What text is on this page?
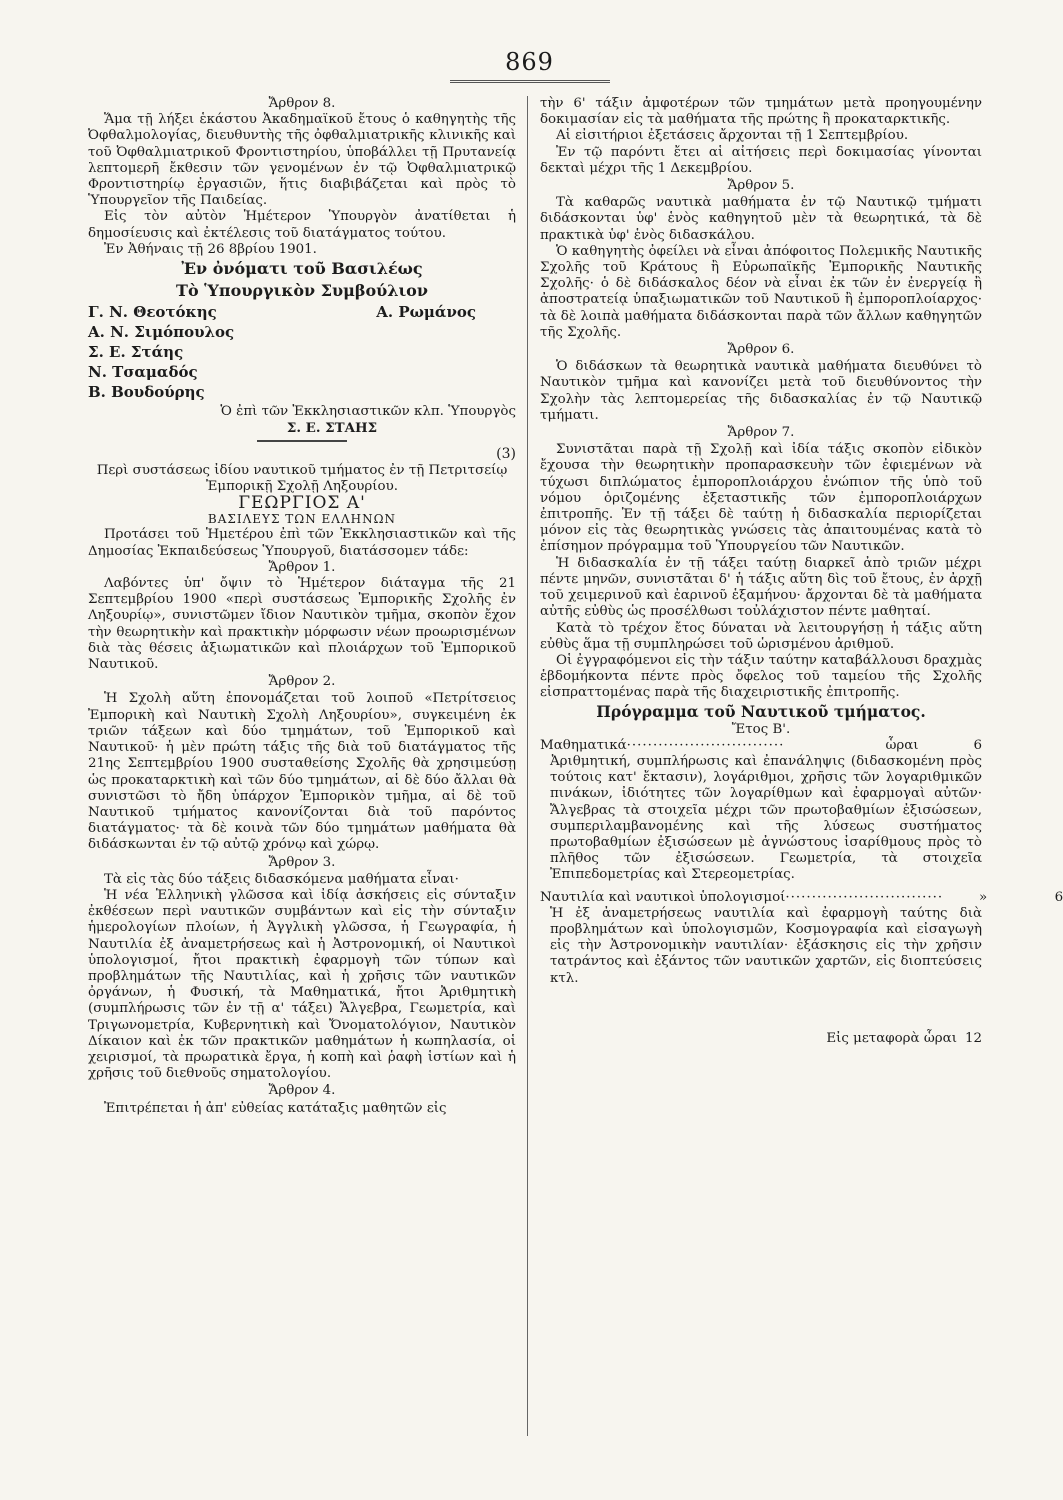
869

Ἄρθρον 8.

Ἅμα τῇ λήξει ἑκάστου Ἀκαδημαϊκοῦ ἔτους ὁ καθηγητὴς τῆς Ὀφθαλμολογίας, διευθυντὴς τῆς ὀφθαλμιατρικῆς κλινικῆς καὶ τοῦ Ὀφθαλμιατρικοῦ Φροντιστηρίου, ὑποβάλλει τῇ Πρυτανείᾳ λεπτομερῆ ἔκθεσιν τῶν γενομένων ἐν τῷ Ὀφθαλμιατρικῷ Φροντιστηρίῳ ἐργασιῶν, ἥτις διαβιβάζεται καὶ πρὸς τὸ Ὑπουργεῖον τῆς Παιδείας.

Εἰς τὸν αὐτὸν Ἡμέτερον Ὑπουργὸν ἀνατίθεται ἡ δημοσίευσις καὶ ἐκτέλεσις τοῦ διατάγματος τούτου.

Ἐν Ἀθήναις τῇ 26 8βρίου 1901.

Ἐν ὀνόματι τοῦ Βασιλέως

Τὸ Ὑπουργικὸν Συμβούλιον

Γ. Ν. Θεοτόκης	Α. Ρωμάνος

Α. Ν. Σιμόπουλος

Σ. Ε. Στάης

Ν. Τσαμαδός

Β. Βουδούρης

Ὁ ἐπὶ τῶν Ἐκκλησιαστικῶν κλπ. Ὑπουργὸς

Σ. Ε. ΣΤΑΗΣ

(3)

Περὶ συστάσεως ἰδίου ναυτικοῦ τμήματος ἐν τῇ Πετριτσείῳ Ἐμπορικῇ Σχολῇ Ληξουρίου.

ΓΕΩΡΓΙΟΣ Α'

ΒΑΣΙΛΕΥΣ ΤΩΝ ΕΛΛΗΝΩΝ

Προτάσει τοῦ Ἡμετέρου ἐπὶ τῶν Ἐκκλησιαστικῶν καὶ τῆς Δημοσίας Ἐκπαιδεύσεως Ὑπουργοῦ, διατάσσομεν τάδε:

Ἄρθρον 1.

Λαβόντες ὑπ' ὄψιν τὸ Ἡμέτερον διάταγμα τῆς 21 Σεπτεμβρίου 1900 «περὶ συστάσεως Ἐμπορικῆς Σχολῆς ἐν Ληξουρίῳ», συνιστῶμεν ἴδιον Ναυτικὸν τμῆμα, σκοπὸν ἔχον τὴν θεωρητικὴν καὶ πρακτικὴν μόρφωσιν νέων προωρισμένων διὰ τὰς θέσεις ἀξιωματικῶν καὶ πλοιάρχων τοῦ Ἐμπορικοῦ Ναυτικοῦ.

Ἄρθρον 2.

Ἡ Σχολὴ αὕτη ἐπονομάζεται τοῦ λοιποῦ «Πετρίτσειος Ἐμπορικὴ καὶ Ναυτικὴ Σχολὴ Ληξουρίου», συγκειμένη ἐκ τριῶν τάξεων καὶ δύο τμημάτων, τοῦ Ἐμπορικοῦ καὶ Ναυτικοῦ· ἡ μὲν πρώτη τάξις τῆς διὰ τοῦ διατάγματος τῆς 21ης Σεπτεμβρίου 1900 συσταθείσης Σχολῆς θὰ χρησιμεύσῃ ὡς προκαταρκτικὴ καὶ τῶν δύο τμημάτων, αἱ δὲ δύο ἄλλαι θὰ συνιστῶσι τὸ ἤδη ὑπάρχον Ἐμπορικὸν τμῆμα, αἱ δὲ τοῦ Ναυτικοῦ τμήματος κανονίζονται διὰ τοῦ παρόντος διατάγματος· τὰ δὲ κοινὰ τῶν δύο τμημάτων μαθήματα θὰ διδάσκωνται ἐν τῷ αὐτῷ χρόνῳ καὶ χώρῳ.

Ἄρθρον 3.

Τὰ εἰς τὰς δύο τάξεις διδασκόμενα μαθήματα εἶναι·

Ἡ νέα Ἑλληνικὴ γλῶσσα καὶ ἰδίᾳ ἀσκήσεις εἰς σύνταξιν ἐκθέσεων περὶ ναυτικῶν συμβάντων καὶ εἰς τὴν σύνταξιν ἡμερολογίων πλοίων, ἡ Ἀγγλικὴ γλῶσσα, ἡ Γεωγραφία, ἡ Ναυτιλία ἐξ ἀναμετρήσεως καὶ ἡ Ἀστρονομική, οἱ Ναυτικοὶ ὑπολογισμοί, ἤτοι πρακτικὴ ἐφαρμογὴ τῶν τύπων καὶ προβλημάτων τῆς Ναυτιλίας, καὶ ἡ χρῆσις τῶν ναυτικῶν ὀργάνων, ἡ Φυσική, τὰ Μαθηματικά, ἤτοι Ἀριθμητικὴ (συμπλήρωσις τῶν ἐν τῇ α' τάξει) Ἄλγεβρα, Γεωμετρία, καὶ Τριγωνομετρία, Κυβερνητικὴ καὶ Ὄνοματολόγιον, Ναυτικὸν Δίκαιον καὶ ἐκ τῶν πρακτικῶν μαθημάτων ἡ κωπηλασία, οἱ χειρισμοί, τὰ πρωρατικὰ ἔργα, ἡ κοπὴ καὶ ῥαφὴ ἱστίων καὶ ἡ χρῆσις τοῦ διεθνοῦς σηματολογίου.

Ἄρθρον 4.

Ἐπιτρέπεται ἡ ἀπ' εὐθείας κατάταξις μαθητῶν εἰς

τὴν 6' τάξιν ἀμφοτέρων τῶν τμημάτων μετὰ προηγουμένην δοκιμασίαν εἰς τὰ μαθήματα τῆς πρώτης ἢ προκαταρκτικῆς.

Αἱ εἰσιτήριοι ἐξετάσεις ἄρχονται τῇ 1 Σεπτεμβρίου.

Ἐν τῷ παρόντι ἔτει αἱ αἰτήσεις περὶ δοκιμασίας γίνονται δεκταὶ μέχρι τῆς 1 Δεκεμβρίου.

Ἄρθρον 5.

Τὰ καθαρῶς ναυτικὰ μαθήματα ἐν τῷ Ναυτικῷ τμήματι διδάσκονται ὑφ' ἑνὸς καθηγητοῦ μὲν τὰ θεωρητικά, τὰ δὲ πρακτικὰ ὑφ' ἑνὸς διδασκάλου.

Ὁ καθηγητὴς ὀφείλει νὰ εἶναι ἀπόφοιτος Πολεμικῆς Ναυτικῆς Σχολῆς τοῦ Κράτους ἢ Εὐρωπαϊκῆς Ἐμπορικῆς Ναυτικῆς Σχολῆς· ὁ δὲ διδάσκαλος δέον νὰ εἶναι ἐκ τῶν ἐν ἐνεργείᾳ ἢ ἀποστρατείᾳ ὑπαξιωματικῶν τοῦ Ναυτικοῦ ἢ ἐμποροπλοίαρχος· τὰ δὲ λοιπὰ μαθήματα διδάσκονται παρὰ τῶν ἄλλων καθηγητῶν τῆς Σχολῆς.

Ἄρθρον 6.

Ὁ διδάσκων τὰ θεωρητικὰ ναυτικὰ μαθήματα διευθύνει τὸ Ναυτικὸν τμῆμα καὶ κανονίζει μετὰ τοῦ διευθύνοντος τὴν Σχολὴν τὰς λεπτομερείας τῆς διδασκαλίας ἐν τῷ Ναυτικῷ τμήματι.

Ἄρθρον 7.

Συνιστᾶται παρὰ τῇ Σχολῇ καὶ ἰδία τάξις σκοπὸν εἰδικὸν ἔχουσα τὴν θεωρητικὴν προπαρασκευὴν τῶν ἐφιεμένων νὰ τύχωσι διπλώματος ἐμποροπλοιάρχου ἐνώπιον τῆς ὑπὸ τοῦ νόμου ὁριζομένης ἐξεταστικῆς τῶν ἐμποροπλοιάρχων ἐπιτροπῆς. Ἐν τῇ τάξει δὲ ταύτῃ ἡ διδασκαλία περιορίζεται μόνον εἰς τὰς θεωρητικὰς γνώσεις τὰς ἀπαιτουμένας κατὰ τὸ ἐπίσημον πρόγραμμα τοῦ Ὑπουργείου τῶν Ναυτικῶν.

Ἡ διδασκαλία ἐν τῇ τάξει ταύτῃ διαρκεῖ ἀπὸ τριῶν μέχρι πέντε μηνῶν, συνιστᾶται δ' ἡ τάξις αὕτη δὶς τοῦ ἔτους, ἐν ἀρχῇ τοῦ χειμερινοῦ καὶ ἐαρινοῦ ἑξαμήνου· ἄρχονται δὲ τὰ μαθήματα αὐτῆς εὐθὺς ὡς προσέλθωσι τοὐλάχιστον πέντε μαθηταί.

Κατὰ τὸ τρέχον ἔτος δύναται νὰ λειτουργήσῃ ἡ τάξις αὕτη εὐθὺς ἅμα τῇ συμπληρώσει τοῦ ὡρισμένου ἀριθμοῦ.

Οἱ ἐγγραφόμενοι εἰς τὴν τάξιν ταύτην καταβάλλουσι δραχμὰς ἑβδομήκοντα πέντε πρὸς ὄφελος τοῦ ταμείου τῆς Σχολῆς εἰσπραττομένας παρὰ τῆς διαχειριστικῆς ἐπιτροπῆς.

Πρόγραμμα τοῦ Ναυτικοῦ τμήματος.

Ἔτος Β'.

Μαθηματικά ······························	ὧραι	6

Ἀριθμητική, συμπλήρωσις καὶ ἐπανάληψις (διδασκομένη πρὸς τούτοις κατ' ἔκτασιν), λογάριθμοι, χρῆσις τῶν λογαριθμικῶν πινάκων, ἰδιότητες τῶν λογαρίθμων καὶ ἐφαρμογαὶ αὐτῶν· Ἄλγεβρας τὰ στοιχεῖα μέχρι τῶν πρωτοβαθμίων ἐξισώσεων, συμπεριλαμβανομένης καὶ τῆς λύσεως συστήματος πρωτοβαθμίων ἐξισώσεων μὲ ἀγνώστους ἰσαρίθμους πρὸς τὸ πλῆθος τῶν ἐξισώσεων. Γεωμετρία, τὰ στοιχεῖα Ἐπιπεδομετρίας καὶ Στερεομετρίας.

Ναυτιλία καὶ ναυτικοὶ ὑπολογισμοί ······························	»	6

Ἡ ἐξ ἀναμετρήσεως ναυτιλία καὶ ἐφαρμογὴ ταύτης διὰ προβλημάτων καὶ ὑπολογισμῶν, Κοσμογραφία καὶ εἰσαγωγὴ εἰς τὴν Ἀστρονομικὴν ναυτιλίαν· ἐξάσκησις εἰς τὴν χρῆσιν τατράντος καὶ ἐξάντος τῶν ναυτικῶν χαρτῶν, εἰς διοπτεύσεις κτλ.

Εἰς μεταφορὰ ὧραι 12
